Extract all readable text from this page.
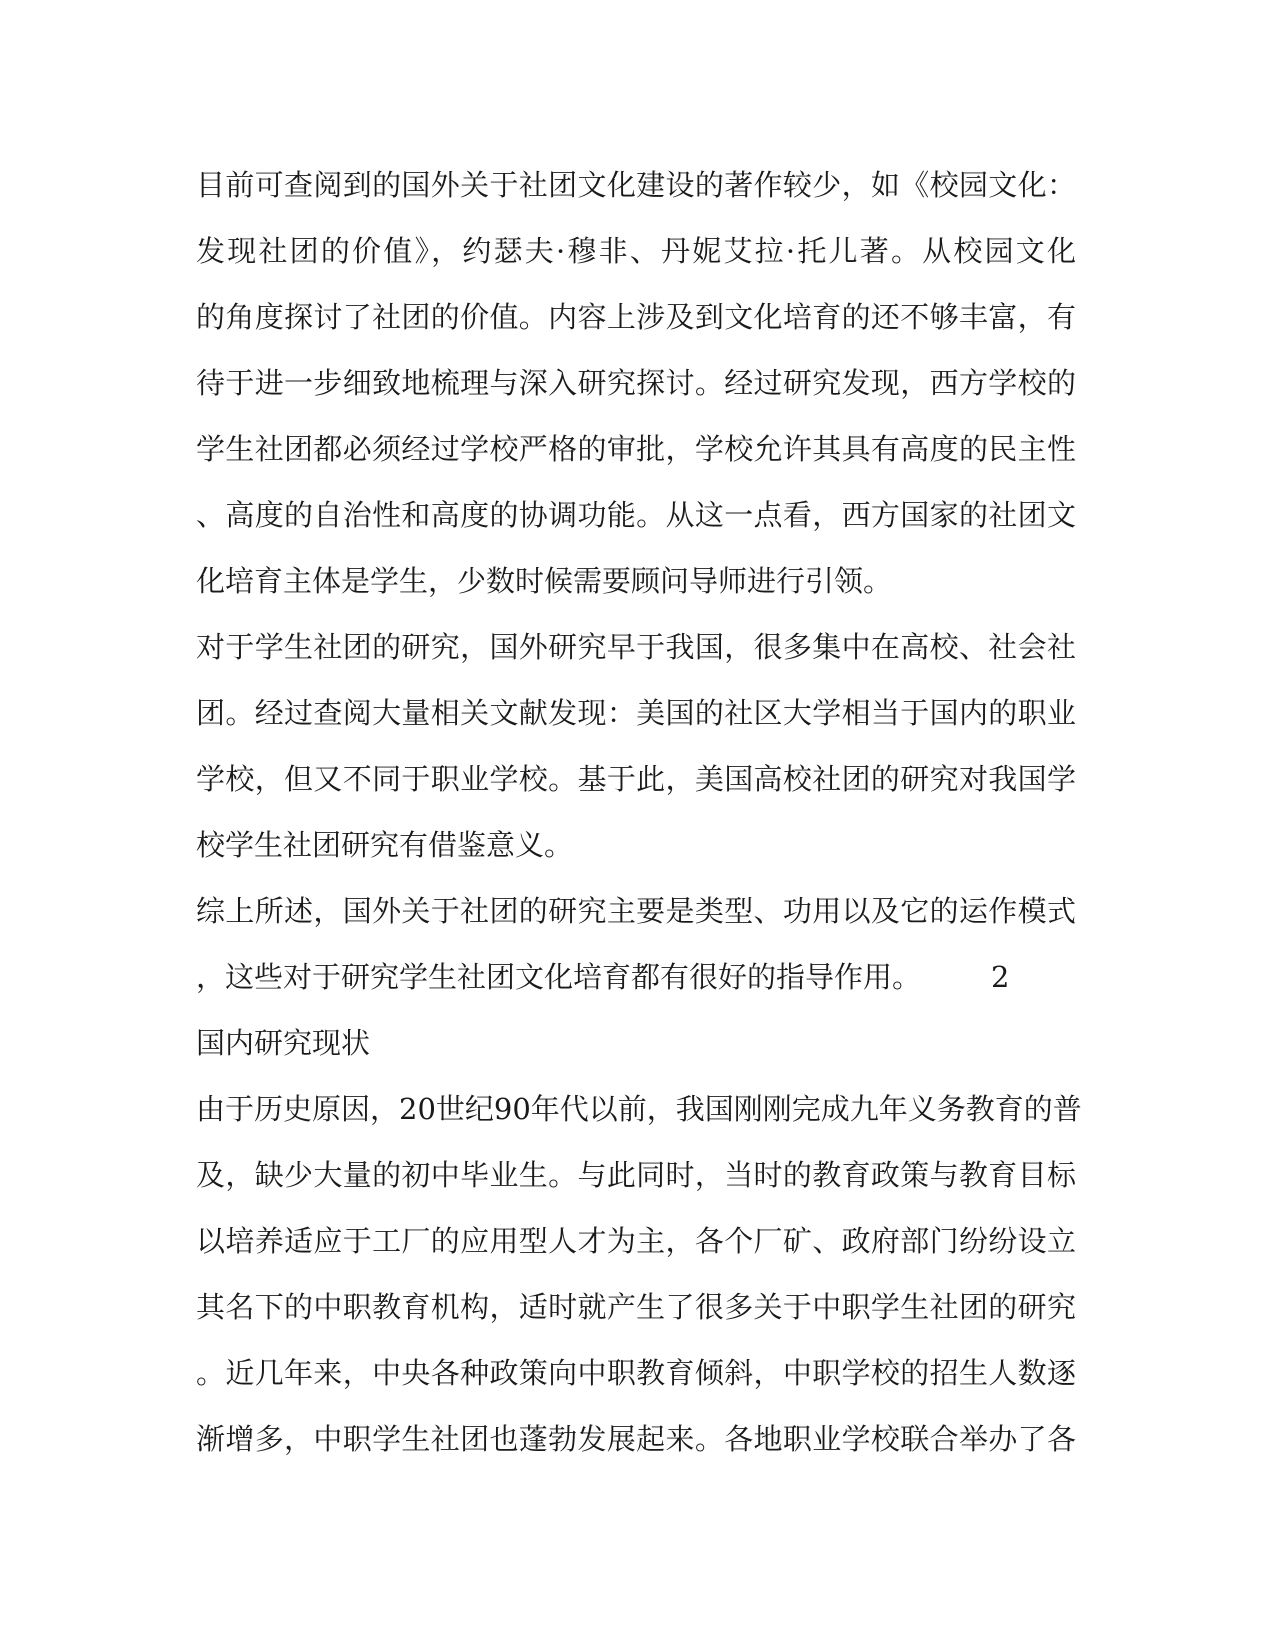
目前可查阅到的国外关于社团文化建设的著作较少，如《校园文化：
发现社团的价值》，约瑟夫·穆非、丹妮艾拉·托儿著。从校园文化
的角度探讨了社团的价值。内容上涉及到文化培育的还不够丰富，有
待于进一步细致地梳理与深入研究探讨。经过研究发现，西方学校的
学生社团都必须经过学校严格的审批，学校允许其具有高度的民主性
、高度的自治性和高度的协调功能。从这一点看，西方国家的社团文
化培育主体是学生，少数时候需要顾问导师进行引领。
对于学生社团的研究，国外研究早于我国，很多集中在高校、社会社
团。经过查阅大量相关文献发现：美国的社区大学相当于国内的职业
学校，但又不同于职业学校。基于此，美国高校社团的研究对我国学
校学生社团研究有借鉴意义。
综上所述，国外关于社团的研究主要是类型、功用以及它的运作模式
，这些对于研究学生社团文化培育都有很好的指导作用。 2
国内研究现状
由于历史原因，20世纪90年代以前，我国刚刚完成九年义务教育的普
及，缺少大量的初中毕业生。与此同时，当时的教育政策与教育目标
以培养适应于工厂的应用型人才为主，各个厂矿、政府部门纷纷设立
其名下的中职教育机构，适时就产生了很多关于中职学生社团的研究
。近几年来，中央各种政策向中职教育倾斜，中职学校的招生人数逐
渐增多，中职学生社团也蓬勃发展起来。各地职业学校联合举办了各
